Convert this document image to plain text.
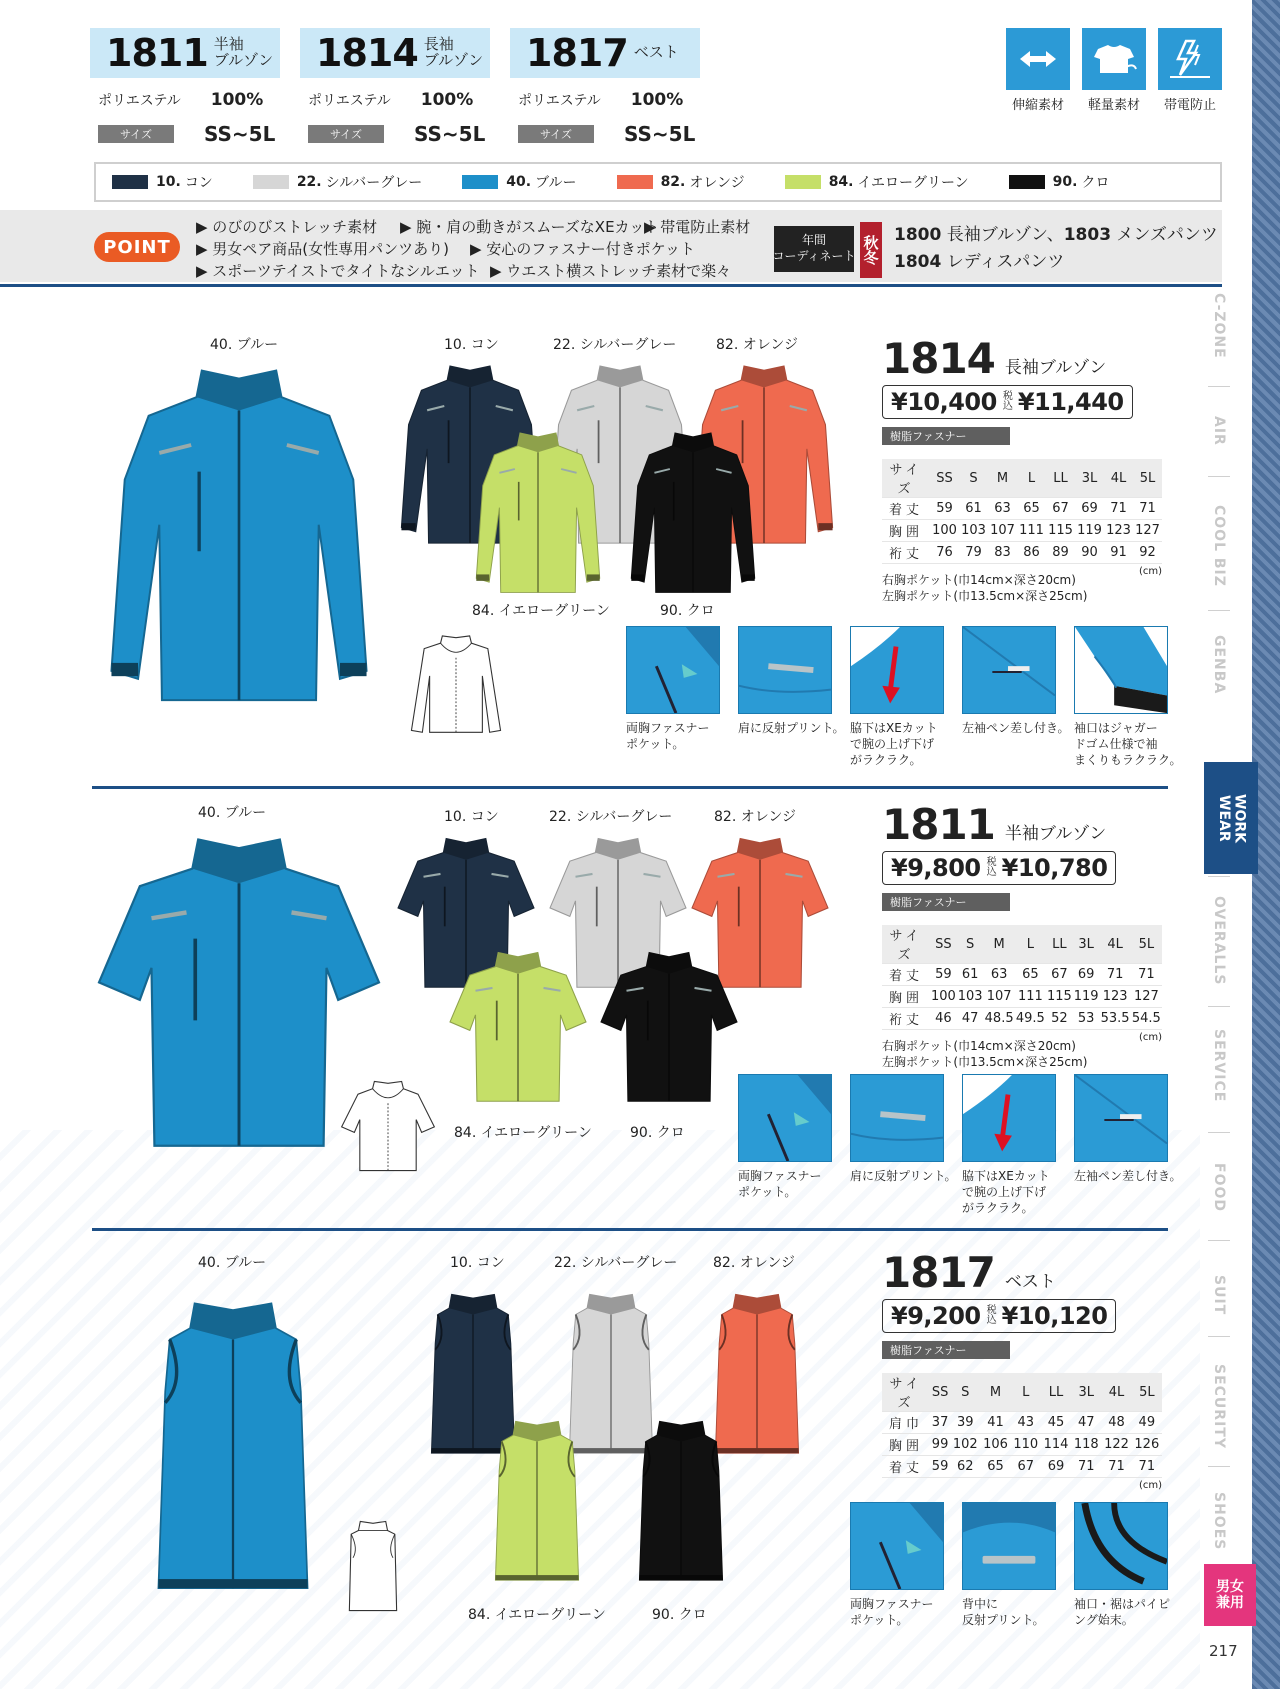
1811 半袖
ブルゾン
ポリエステル 100%
サイズ	SS~5L
1814 長袖
ブルゾン
ポリエステル 100%
サイズ	SS~5L
1817 ベスト
ポリエステル 100%
サイズ	SS~5L
伸縮素材	軽量素材	帯電防止
10. コン	22. シルバーグレー	40. ブルー	82. オレンジ	84. イエローグリーン	90. クロ
POINT
▶ のびのびストレッチ素材 ▶ 腕・肩の動きがスムーズなXEカット
▶ 帯電防止素材
▶ 男女ペア商品(女性専用パンツあり) ▶ 安心のファスナー付きポケット
▶ スポーツテイストでタイトなシルエット ▶ ウエスト横ストレッチ素材で楽々
年間
コーディネート 秋冬 1800 長袖ブルゾン、1803 メンズパンツ
1804 レディスパンツ
C-ZONE
AIR
COOL BIZ
GENBA
OVERALLS
SERVICE
FOOD
SUIT
SECURITY
SHOES
WORK
WEAR
男女
兼用
217
40. ブルー	10. コン	22. シルバーグレー	82. オレンジ
84. イエローグリーン	90. クロ
1814 長袖ブルゾン
¥10,400 税込 ¥11,440
樹脂ファスナー
サイズ	SS	S	M	L	LL	3L	4L	5L
着丈	59	61	63	65	67	69	71	71
胸囲	100	103	107	111	115	119	123	127
裄丈	76	79	83	86	89	90	91	92
(cm)
右胸ポケット(巾14cm×深さ20cm)
左胸ポケット(巾13.5cm×深さ25cm)
両胸ファスナー
ポケット。
肩に反射プリント。 脇下はXEカット
で腕の上げ下げ
がラクラク。
左袖ペン差し付き。 袖口はジャガー
ドゴム仕様で袖
まくりもラクラク。
40. ブルー	10. コン	22. シルバーグレー	82. オレンジ
84. イエローグリーン	90. クロ
1811 半袖ブルゾン
¥9,800 税込 ¥10,780
樹脂ファスナー
サイズ	SS	S	M	L	LL	3L	4L	5L
着丈	59	61	63	65	67	69	71	71
胸囲	100	103	107	111	115	119	123	127
裄丈	46	47	48.5	49.5	52	53	53.5	54.5
(cm)
右胸ポケット(巾14cm×深さ20cm)
左胸ポケット(巾13.5cm×深さ25cm)
両胸ファスナー
ポケット。
肩に反射プリント。 脇下はXEカット
で腕の上げ下げ
がラクラク。
左袖ペン差し付き。
40. ブルー	10. コン	22. シルバーグレー	82. オレンジ
84. イエローグリーン	90. クロ
1817 ベスト
¥9,200 税込 ¥10,120
樹脂ファスナー
サイズ	SS	S	M	L	LL	3L	4L	5L
肩巾	37	39	41	43	45	47	48	49
胸囲	99	102	106	110	114	118	122	126
着丈	59	62	65	67	69	71	71	71
(cm)
両胸ファスナー
ポケット。
背中に
反射プリント。
袖口・裾はパイピ
ング始末。
